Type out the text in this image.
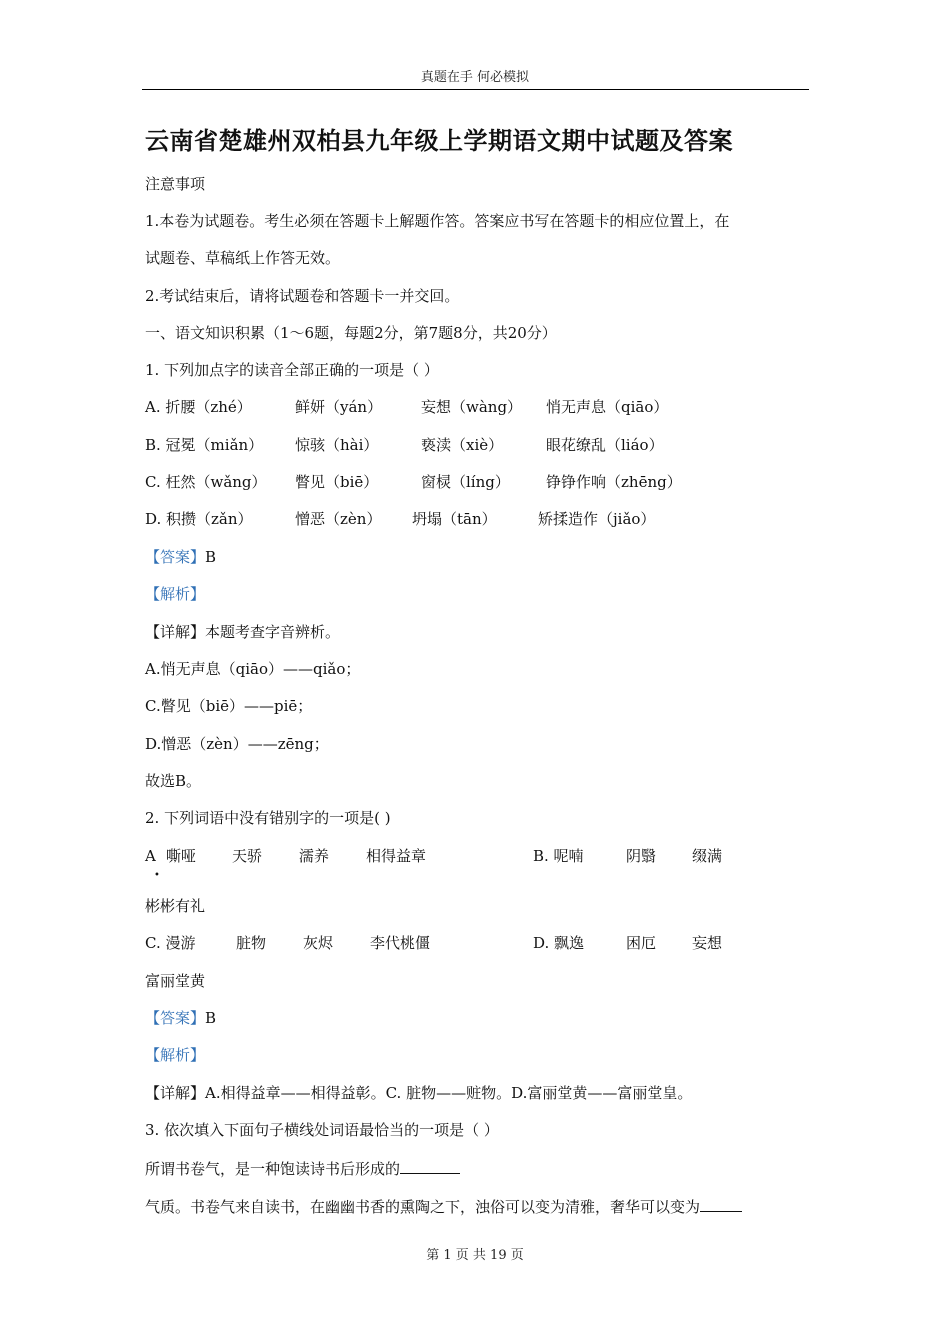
真题在手 何必模拟
云南省楚雄州双柏县九年级上学期语文期中试题及答案
注意事项
1.本卷为试题卷。考生必须在答题卡上解题作答。答案应书写在答题卡的相应位置上，在
试题卷、草稿纸上作答无效。
2.考试结束后，请将试题卷和答题卡一并交回。
一、语文知识积累（1～6题，每题2分，第7题8分，共20分）
1. 下列加点字的读音全部正确的一项是（ ）
A. 折腰（zhé）	鲜妍（yán）	妄想（wàng） 悄无声息（qiāo）
B. 冠冕（miǎn） 惊骇（hài）	亵渎（xiè）	眼花缭乱（liáo）
C. 枉然（wǎng） 瞥见（biē）	窗棂（líng） 铮铮作响（zhēng）
D. 积攒（zǎn）	憎恶（zèn） 坍塌（tān）	矫揉造作（jiǎo）
【答案】B
【解析】
【详解】本题考查字音辨析。
A.悄无声息（qiāo）——qiǎo；
C.瞥见（biē）——piē；
D.憎恶（zèn）——zēng；
故选B。
2. 下列词语中没有错别字的一项是( )
A
•
嘶哑 天骄 濡养 相得益章	B. 呢喃	阴翳 缀满
彬彬有礼
C. 漫游	脏物 灰烬 李代桃僵	D. 飘逸	困厄 妄想
富丽堂黄
【答案】B
【解析】
【详解】A.相得益章——相得益彰。C. 脏物——赃物。D.富丽堂黄——富丽堂皇。
3. 依次填入下面句子横线处词语最恰当的一项是（ ）
所谓书卷气，是一种饱读诗书后形成的
气质。书卷气来自读书，在幽幽书香的熏陶之下，浊俗可以变为清雅，奢华可以变为
第 1 页 共 19 页
